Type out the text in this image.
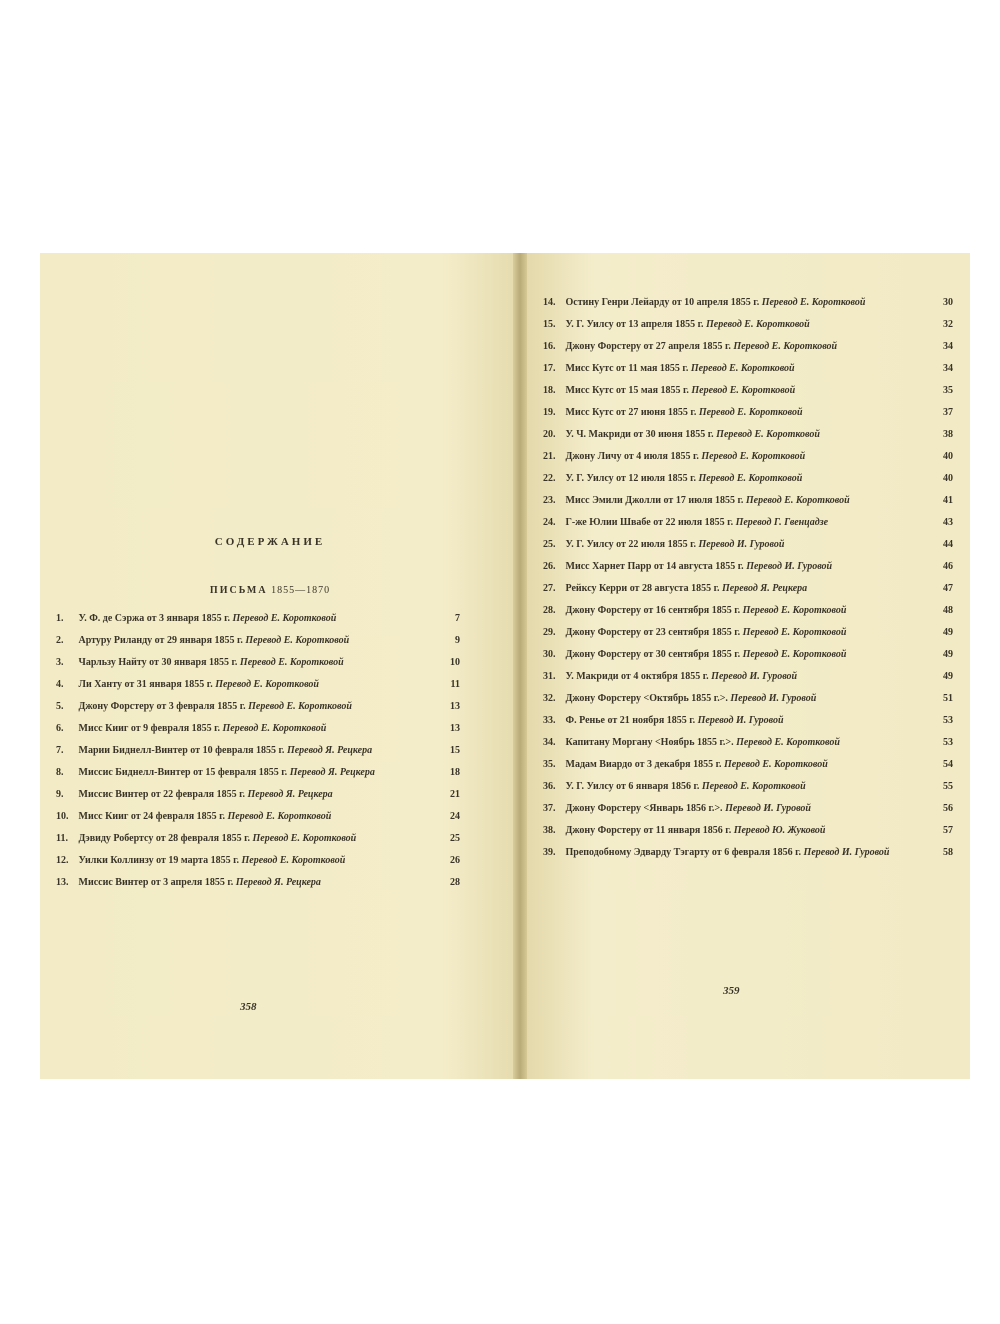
СОДЕРЖАНИЕ
ПИСЬМА 1855—1870
1. У. Ф. де Сэржа от 3 января 1855 г. Перевод Е. Коротковой	7
2. Артуру Риланду от 29 января 1855 г. Перевод Е. Коротковой	9
3. Чарльзу Найту от 30 января 1855 г. Перевод Е. Коротковой	10
4. Ли Ханту от 31 января 1855 г. Перевод Е. Коротковой	11
5. Джону Форстеру от 3 февраля 1855 г. Перевод Е. Коротковой	13
6. Мисс Кииг от 9 февраля 1855 г. Перевод Е. Коротковой	13
7. Марии Биднелл-Винтер от 10 февраля 1855 г. Перевод Я. Рецкера	15
8. Миссис Биднелл-Винтер от 15 февраля 1855 г. Перевод Я. Рецкера	18
9. Миссис Винтер от 22 февраля 1855 г. Перевод Я. Рецкера	21
10. Мисс Кииг от 24 февраля 1855 г. Перевод Е. Коротковой	24
11. Дэвиду Робертсу от 28 февраля 1855 г. Перевод Е. Коротковой	25
12. Уилки Коллинзу от 19 марта 1855 г. Перевод Е. Коротковой	26
13. Миссис Винтер от 3 апреля 1855 г. Перевод Я. Рецкера	28
358
14. Остину Генри Лейарду от 10 апреля 1855 г. Перевод Е. Коротковой	30
15. У. Г. Уилсу от 13 апреля 1855 г. Перевод Е. Коротковой	32
16. Джону Форстеру от 27 апреля 1855 г. Перевод Е. Коротковой	34
17. Мисс Кутс от 11 мая 1855 г. Перевод Е. Коротковой	34
18. Мисс Кутс от 15 мая 1855 г. Перевод Е. Коротковой	35
19. Мисс Кутс от 27 июня 1855 г. Перевод Е. Коротковой	37
20. У. Ч. Макриди от 30 июня 1855 г. Перевод Е. Коротковой	38
21. Джону Личу от 4 июля 1855 г. Перевод Е. Коротковой	40
22. У. Г. Уилсу от 12 июля 1855 г. Перевод Е. Коротковой	40
23. Мисс Эмили Джолли от 17 июля 1855 г. Перевод Е. Коротковой	41
24. Г-же Юлии Швабе от 22 июля 1855 г. Перевод Г. Гвенцадзе	43
25. У. Г. Уилсу от 22 июля 1855 г. Перевод И. Гуровой	44
26. Мисс Харнет Парр от 14 августа 1855 г. Перевод И. Гуровой	46
27. Рейксу Керри от 28 августа 1855 г. Перевод Я. Рецкера	47
28. Джону Форстеру от 16 сентября 1855 г. Перевод Е. Коротковой	48
29. Джону Форстеру от 23 сентября 1855 г. Перевод Е. Коротковой	49
30. Джону Форстеру от 30 сентября 1855 г. Перевод Е. Коротковой	49
31. У. Макриди от 4 октября 1855 г. Перевод И. Гуровой	49
32. Джону Форстеру <Октябрь 1855 г.>. Перевод И. Гуровой	51
33. Ф. Ренье от 21 ноября 1855 г. Перевод И. Гуровой	53
34. Капитану Моргану <Ноябрь 1855 г.>. Перевод Е. Коротковой	53
35. Мадам Виардо от 3 декабря 1855 г. Перевод Е. Коротковой	54
36. У. Г. Уилсу от 6 января 1856 г. Перевод Е. Коротковой	55
37. Джону Форстеру <Январь 1856 г.>. Перевод И. Гуровой	56
38. Джону Форстеру от 11 января 1856 г. Перевод Ю. Жуковой	57
39. Преподобному Эдварду Тэгарту от 6 февраля 1856 г. Перевод И. Гуровой	58
359
